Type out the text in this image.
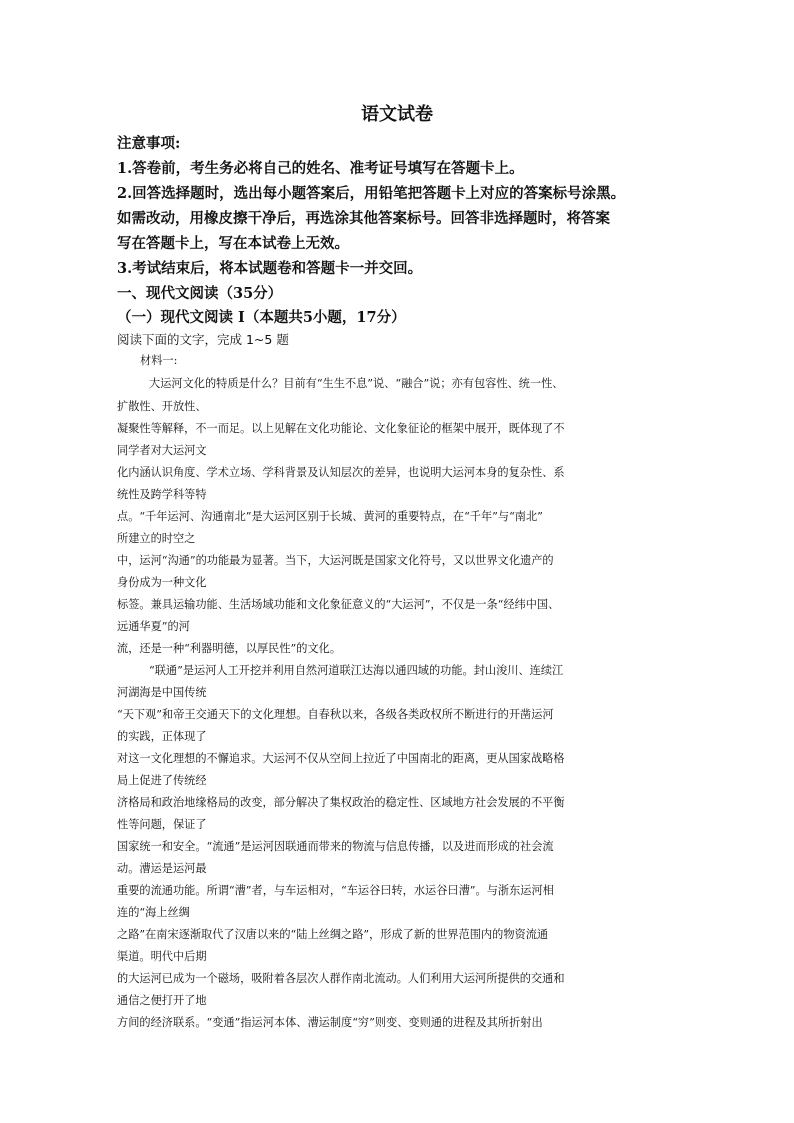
语文试卷
注意事项:
1.答卷前，考生务必将自己的姓名、准考证号填写在答题卡上。
2.回答选择题时，选出每小题答案后，用铅笔把答题卡上对应的答案标号涂黑。
如需改动，用橡皮擦干净后，再选涂其他答案标号。回答非选择题时，将答案
写在答题卡上，写在本试卷上无效。
3.考试结束后，将本试题卷和答题卡一并交回。
一、现代文阅读（35分）
（一）现代文阅读 I（本题共5小题，17分）
阅读下面的文字，完成 1~5 题
材料一:
大运河文化的特质是什么？目前有“生生不息”说、“融合”说；亦有包容性、统一性、
扩散性、开放性、
凝聚性等解释，不一而足。以上见解在文化功能论、文化象征论的框架中展开，既体现了不
同学者对大运河文
化内涵认识角度、学术立场、学科背景及认知层次的差异，也说明大运河本身的复杂性、系
统性及跨学科等特
点。“千年运河、沟通南北”是大运河区别于长城、黄河的重要特点，在“千年”与“南北”
所建立的时空之
中，运河“沟通”的功能最为显著。当下，大运河既是国家文化符号，又以世界文化遗产的
身份成为一种文化
标签。兼具运输功能、生活场域功能和文化象征意义的“大运河”，不仅是一条“经纬中国、
远通华夏”的河
流，还是一种“利器明德，以厚民性”的文化。
“联通”是运河人工开挖并利用自然河道联江达海以通四域的功能。封山浚川、连续江
河湖海是中国传统
“天下观”和帝王交通天下的文化理想。自春秋以来，各级各类政权所不断进行的开凿运河
的实践，正体现了
对这一文化理想的不懈追求。大运河不仅从空间上拉近了中国南北的距离，更从国家战略格
局上促进了传统经
济格局和政治地缘格局的改变，部分解决了集权政治的稳定性、区域地方社会发展的不平衡
性等问题，保证了
国家统一和安全。“流通”是运河因联通而带来的物流与信息传播，以及进而形成的社会流
动。漕运是运河最
重要的流通功能。所谓“漕”者，与车运相对，“车运谷曰转，水运谷曰漕”。与浙东运河相
连的“海上丝绸
之路”在南宋逐渐取代了汉唐以来的“陆上丝绸之路”，形成了新的世界范围内的物资流通
渠道。明代中后期
的大运河已成为一个磁场，吸附着各层次人群作南北流动。人们利用大运河所提供的交通和
通信之便打开了地
方间的经济联系。“变通”指运河本体、漕运制度“穷”则变、变则通的进程及其所折射出
